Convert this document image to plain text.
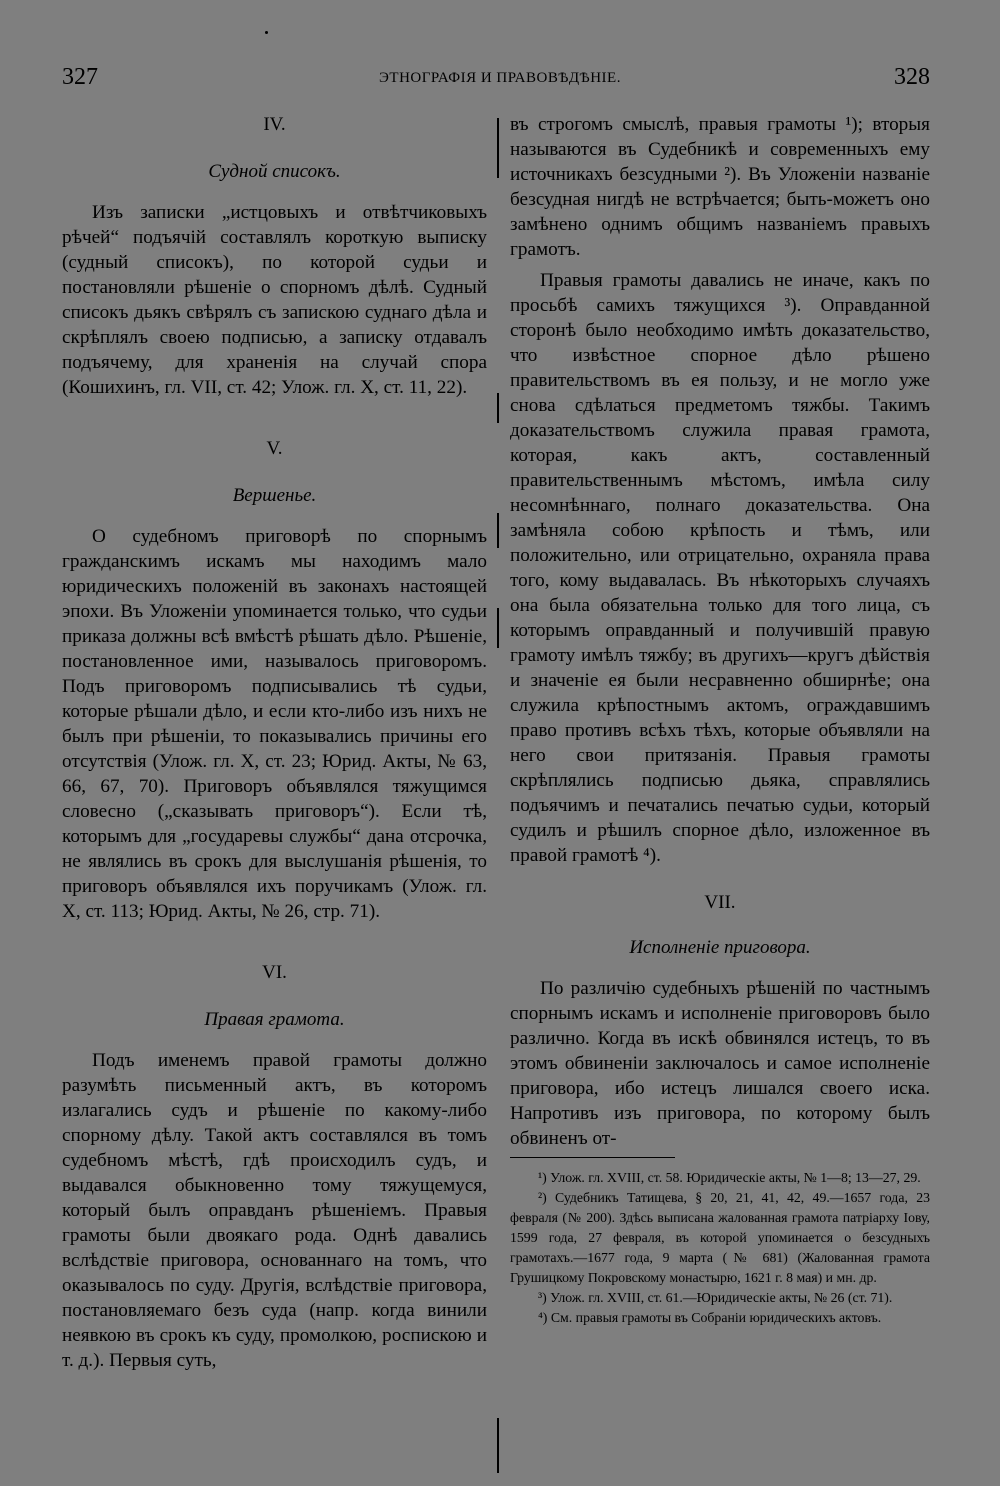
327	ЭТНОГРАФІЯ И ПРАВОВѢДѢНІЕ.	328

IV.

Судной списокъ.

Изъ записки „истцовыхъ и отвѣтчиковыхъ рѣчей“ подъячій составлялъ короткую выписку (судный списокъ), по которой судьи и постановляли рѣшеніе о спорномъ дѣлѣ. Судный списокъ дьякъ свѣрялъ съ запискою суднаго дѣла и скрѣплялъ своею подписью, а записку отдавалъ подъячему, для храненія на случай спора (Кошихинъ, гл. VII, ст. 42; Улож. гл. X, ст. 11, 22).

V.

Вершенье.

О судебномъ приговорѣ по спорнымъ гражданскимъ искамъ мы находимъ мало юридическихъ положеній въ законахъ настоящей эпохи. Въ Уложеніи упоминается только, что судьи приказа должны всѣ вмѣстѣ рѣшать дѣло. Рѣшеніе, постановленное ими, называлось приговоромъ. Подъ приговоромъ подписывались тѣ судьи, которые рѣшали дѣло, и если кто-либо изъ нихъ не былъ при рѣшеніи, то показывались причины его отсутствія (Улож. гл. X, ст. 23; Юрид. Акты, № 63, 66, 67, 70). Приговоръ объявлялся тяжущимся словесно („сказывать приговоръ“). Если тѣ, которымъ для „государевы службы“ дана отсрочка, не являлись въ срокъ для выслушанія рѣшенія, то приговоръ объявлялся ихъ поручикамъ (Улож. гл. X, ст. 113; Юрид. Акты, № 26, стр. 71).

VI.

Правая грамота.

Подъ именемъ правой грамоты должно разумѣть письменный актъ, въ которомъ излагались судъ и рѣшеніе по какому-либо спорному дѣлу. Такой актъ составлялся въ томъ судебномъ мѣстѣ, гдѣ происходилъ судъ, и выдавался обыкновенно тому тяжущемуся, который былъ оправданъ рѣшеніемъ. Правыя грамоты были двоякаго рода. Однѣ давались вслѣдствіе приговора, основаннаго на томъ, что оказывалось по суду. Другія, вслѣдствіе приговора, постановляемаго безъ суда (напр. когда винили неявкою въ срокъ къ суду, промолкою, роспискою и т. д.). Первыя суть,

въ строгомъ смыслѣ, правыя грамоты ¹); вторыя называются въ Судебникѣ и современныхъ ему источникахъ безсудными ²). Въ Уложеніи названіе безсудная нигдѣ не встрѣчается; быть-можетъ оно замѣнено однимъ общимъ названіемъ правыхъ грамотъ.

Правыя грамоты давались не иначе, какъ по просьбѣ самихъ тяжущихся ³). Оправданной сторонѣ было необходимо имѣть доказательство, что извѣстное спорное дѣло рѣшено правительствомъ въ ея пользу, и не могло уже снова сдѣлаться предметомъ тяжбы. Такимъ доказательствомъ служила правая грамота, которая, какъ актъ, составленный правительственнымъ мѣстомъ, имѣла силу несомнѣннаго, полнаго доказательства. Она замѣняла собою крѣпость и тѣмъ, или положительно, или отрицательно, охраняла права того, кому выдавалась. Въ нѣкоторыхъ случаяхъ она была обязательна только для того лица, съ которымъ оправданный и получившій правую грамоту имѣлъ тяжбу; въ другихъ—кругъ дѣйствія и значеніе ея были несравненно обширнѣе; она служила крѣпостнымъ актомъ, ограждавшимъ право противъ всѣхъ тѣхъ, которые объявляли на него свои притязанія. Правыя грамоты скрѣплялись подписью дьяка, справлялись подъячимъ и печатались печатью судьи, который судилъ и рѣшилъ спорное дѣло, изложенное въ правой грамотѣ ⁴).

VII.

Исполненіе приговора.

По различію судебныхъ рѣшеній по частнымъ спорнымъ искамъ и исполненіе приговоровъ было различно. Когда въ искѣ обвинялся истецъ, то въ этомъ обвиненіи заключалось и самое исполненіе приговора, ибо истецъ лишался своего иска. Напротивъ изъ приговора, по которому былъ обвиненъ от-

¹) Улож. гл. XVIII, ст. 58. Юридическіе акты, № 1—8; 13—27, 29.

²) Судебникъ Татищева, § 20, 21, 41, 42, 49.—1657 года, 23 февраля (№ 200). Здѣсь выписана жалованная грамота патріарху Іову, 1599 года, 27 февраля, въ которой упоминается о безсудныхъ грамотахъ.—1677 года, 9 марта (№ 681) (Жалованная грамота Грушицкому Покровскому монастырю, 1621 г. 8 мая) и мн. др.

³) Улож. гл. XVIII, ст. 61.—Юридическіе акты, № 26 (ст. 71).

⁴) См. правыя грамоты въ Собраніи юридическихъ актовъ.
